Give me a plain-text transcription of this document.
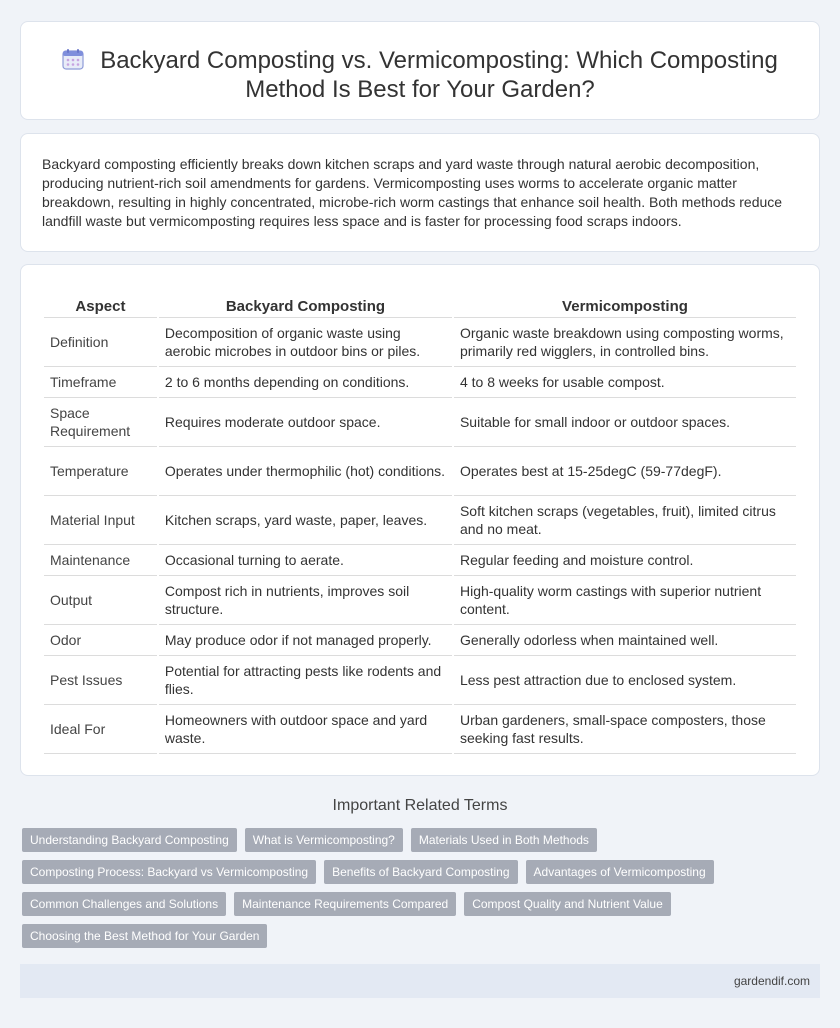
Backyard Composting vs. Vermicomposting: Which Composting Method Is Best for Your Garden?

Backyard composting efficiently breaks down kitchen scraps and yard waste through natural aerobic decomposition, producing nutrient-rich soil amendments for gardens. Vermicomposting uses worms to accelerate organic matter breakdown, resulting in highly concentrated, microbe-rich worm castings that enhance soil health. Both methods reduce landfill waste but vermicomposting requires less space and is faster for processing food scraps indoors.

Aspect	Backyard Composting	Vermicomposting
Definition	Decomposition of organic waste using aerobic microbes in outdoor bins or piles.	Organic waste breakdown using composting worms, primarily red wigglers, in controlled bins.
Timeframe	2 to 6 months depending on conditions.	4 to 8 weeks for usable compost.
Space Requirement	Requires moderate outdoor space.	Suitable for small indoor or outdoor spaces.
Temperature	Operates under thermophilic (hot) conditions.	Operates best at 15-25degC (59-77degF).
Material Input	Kitchen scraps, yard waste, paper, leaves.	Soft kitchen scraps (vegetables, fruit), limited citrus and no meat.
Maintenance	Occasional turning to aerate.	Regular feeding and moisture control.
Output	Compost rich in nutrients, improves soil structure.	High-quality worm castings with superior nutrient content.
Odor	May produce odor if not managed properly.	Generally odorless when maintained well.
Pest Issues	Potential for attracting pests like rodents and flies.	Less pest attraction due to enclosed system.
Ideal For	Homeowners with outdoor space and yard waste.	Urban gardeners, small-space composters, those seeking fast results.
Important Related Terms
Understanding Backyard Composting	What is Vermicomposting?	Materials Used in Both Methods
Composting Process: Backyard vs Vermicomposting	Benefits of Backyard Composting	Advantages of Vermicomposting
Common Challenges and Solutions	Maintenance Requirements Compared	Compost Quality and Nutrient Value
Choosing the Best Method for Your Garden
gardendif.com
